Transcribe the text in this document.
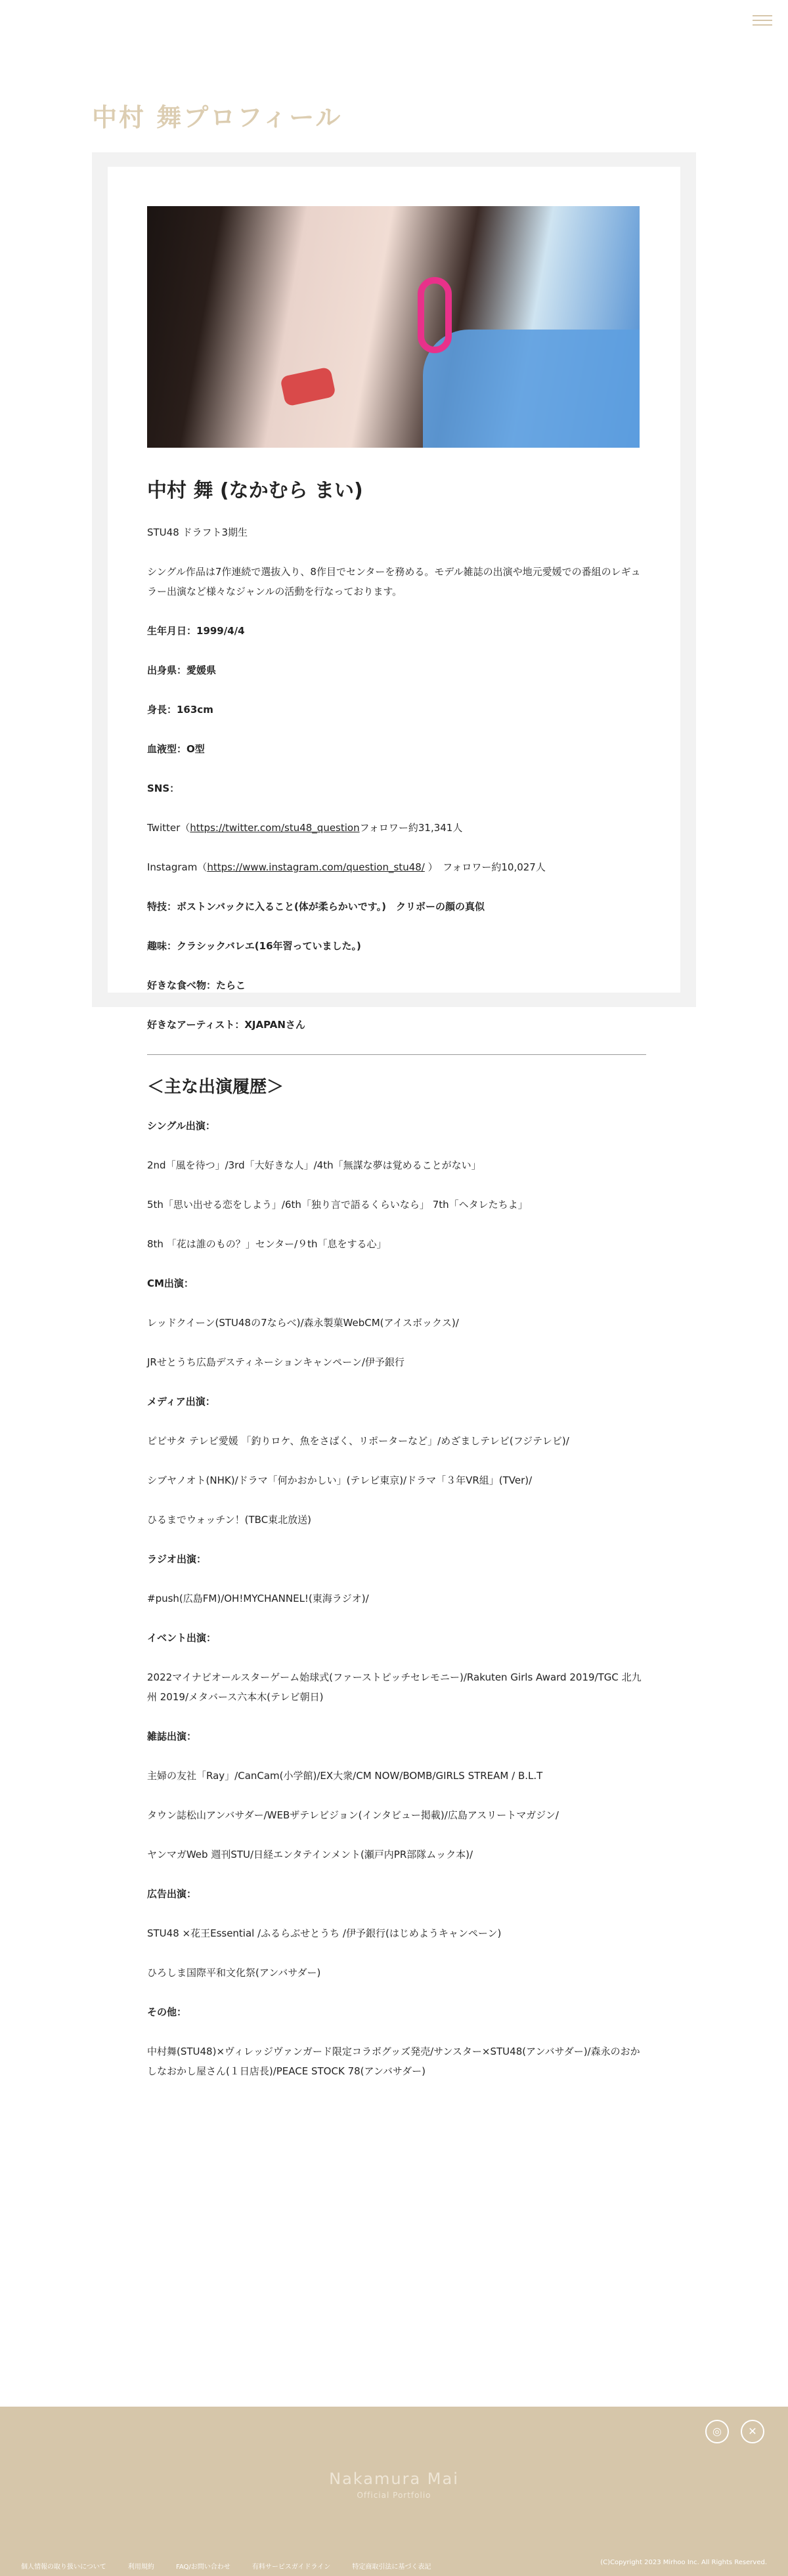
中村 舞プロフィール
中村 舞 (なかむら まい)

STU48 ドラフト3期生

シングル作品は7作連続で選抜入り、8作目でセンターを務める。モデル雑誌の出演や地元愛媛での番組のレギュラー出演など様々なジャンルの活動を行なっております。

生年月日：1999/4/4

出身県：愛媛県

身長：163cm

血液型：O型

SNS：

Twitter（https://twitter.com/stu48_questionフォロワー約31,341人

Instagram（https://www.instagram.com/question_stu48/ ）　フォロワー約10,027人

特技：ボストンバックに入ること(体が柔らかいです。)　クリボーの顔の真似

趣味：クラシックバレエ(16年習っていました。)

好きな食べ物：たらこ

好きなアーティスト：XJAPANさん

＜主な出演履歴＞

シングル出演：

2nd「風を待つ」/3rd「大好きな人」/4th「無謀な夢は覚めることがない」

5th「思い出せる恋をしよう」/6th「独り言で語るくらいなら」 7th「ヘタレたちよ」

8th 「花は誰のもの？」センター/９th「息をする心」

CM出演：

レッドクイーン(STU48の7ならべ)/森永製菓WebCM(アイスボックス)/

JRせとうち広島デスティネーションキャンペーン/伊予銀行

メディア出演：

ピピサタ テレビ愛媛 「釣りロケ、魚をさばく、リポーターなど」/めざましテレビ(フジテレビ)/

シブヤノオト(NHK)/ドラマ「何かおかしい」(テレビ東京)/ドラマ「３年VR組」(TVer)/

ひるまでウォッチン！(TBC東北放送)

ラジオ出演：

#push(広島FM)/OH!MYCHANNEL!(東海ラジオ)/

イベント出演：

2022マイナビオールスターゲーム始球式(ファーストピッチセレモニー)/Rakuten Girls Award 2019/TGC 北九州 2019/メタバース六本木(テレビ朝日)

雑誌出演：

主婦の友社「Ray」/CanCam(小学館)/EX大衆/CM NOW/BOMB/GIRLS STREAM / B.L.T

タウン誌松山アンバサダー/WEBザテレビジョン(インタビュー掲載)/広島アスリートマガジン/

ヤンマガWeb 週刊STU/日経エンタテインメント(瀬戸内PR部隊ムック本)/

広告出演：

STU48 ×花王Essential /ふるらぶせとうち /伊予銀行(はじめようキャンペーン)

ひろしま国際平和文化祭(アンバサダー)

その他：

中村舞(STU48)×ヴィレッジヴァンガード限定コラボグッズ発売/サンスター×STU48(アンバサダー)/森永のおかしなおかし屋さん(１日店長)/PEACE STOCK 78(アンバサダー)

◎	✕
Nakamura Mai
Official Portfolio
個人情報の取り扱いについて	利用規約	FAQ/お問い合わせ	有料サービスガイドライン	特定商取引法に基づく表記
(C)Copyright 2023 Mirhoo Inc. All Rights Reserved.
